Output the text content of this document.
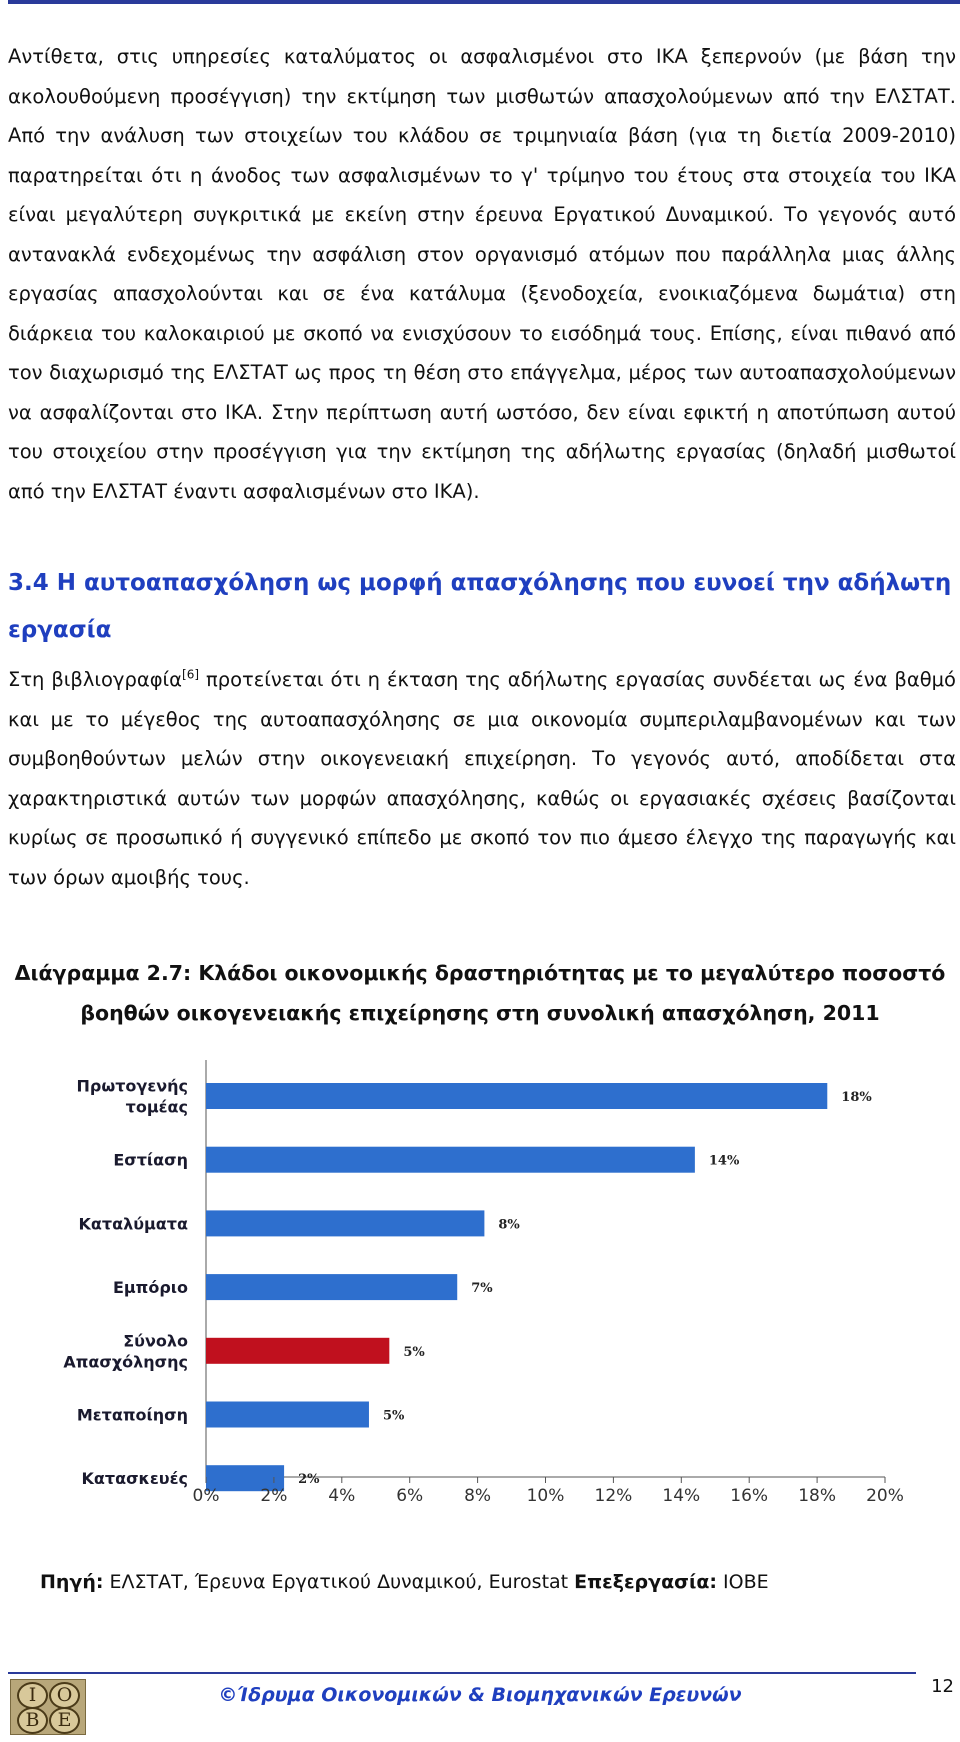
Αντίθετα, στις υπηρεσίες καταλύματος οι ασφαλισμένοι στο ΙΚΑ ξεπερνούν (με βάση την ακολουθούμενη προσέγγιση) την εκτίμηση των μισθωτών απασχολούμενων από την ΕΛΣΤΑΤ. Από την ανάλυση των στοιχείων του κλάδου σε τριμηνιαία βάση (για τη διετία 2009-2010) παρατηρείται ότι η άνοδος των ασφαλισμένων το γ' τρίμηνο του έτους στα στοιχεία του ΙΚΑ είναι μεγαλύτερη συγκριτικά με εκείνη στην έρευνα Εργατικού Δυναμικού. Το γεγονός αυτό αντανακλά ενδεχομένως την ασφάλιση στον οργανισμό ατόμων που παράλληλα μιας άλλης εργασίας απασχολούνται και σε ένα κατάλυμα (ξενοδοχεία, ενοικιαζόμενα δωμάτια) στη διάρκεια του καλοκαιριού με σκοπό να ενισχύσουν το εισόδημά τους. Επίσης, είναι πιθανό από τον διαχωρισμό της ΕΛΣΤΑΤ ως προς τη θέση στο επάγγελμα, μέρος των αυτοαπασχολούμενων να ασφαλίζονται στο ΙΚΑ. Στην περίπτωση αυτή ωστόσο, δεν είναι εφικτή η αποτύπωση αυτού του στοιχείου στην προσέγγιση για την εκτίμηση της αδήλωτης εργασίας (δηλαδή μισθωτοί από την ΕΛΣΤΑΤ έναντι ασφαλισμένων στο ΙΚΑ).

3.4 Η αυτοαπασχόληση ως μορφή απασχόλησης που ευνοεί την αδήλωτη εργασία

Στη βιβλιογραφία[6] προτείνεται ότι η έκταση της αδήλωτης εργασίας συνδέεται ως ένα βαθμό και με το μέγεθος της αυτοαπασχόλησης σε μια οικονομία συμπεριλαμβανομένων και των συμβοηθούντων μελών στην οικογενειακή επιχείρηση. Το γεγονός αυτό, αποδίδεται στα χαρακτηριστικά αυτών των μορφών απασχόλησης, καθώς οι εργασιακές σχέσεις βασίζονται κυρίως σε προσωπικό ή συγγενικό επίπεδο με σκοπό τον πιο άμεσο έλεγχο της παραγωγής και των όρων αμοιβής τους.

Διάγραμμα 2.7: Κλάδοι οικονομικής δραστηριότητας με το μεγαλύτερο ποσοστό
βοηθών οικογενειακής επιχείρησης στη συνολική απασχόληση, 2011
Πρωτογενής τομέας	18%
Εστίαση	14%
Καταλύματα	8%
Εμπόριο	7%
Σύνολο Απασχόλησης	5%
Μεταποίηση	5%
Κατασκευές	2%
0% 2% 4% 6% 8% 10% 12% 14% 16% 18% 20%
Πηγή: ΕΛΣΤΑΤ, Έρευνα Εργατικού Δυναμικού, Eurostat Επεξεργασία: ΙΟΒΕ
Ι	Ο
Β Ε
©Ίδρυμα Οικονομικών & Βιομηχανικών Ερευνών	12
